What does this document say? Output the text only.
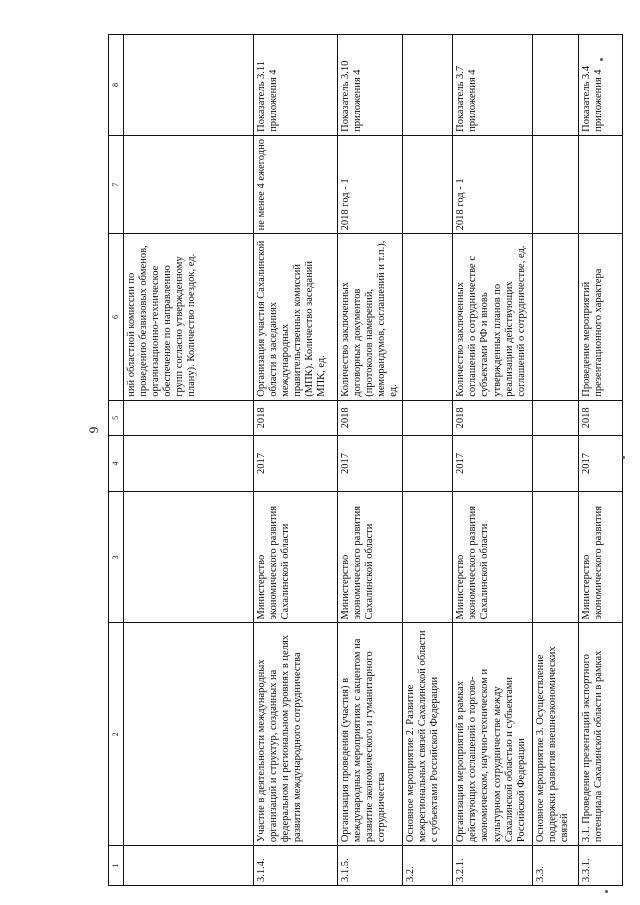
9
1	2	3	4	5	6	7	8
					ний областной комиссии по проведению безвизовых обменов, организационно-техническое обеспечение по направлению групп согласно утвержденному плану). Количество поездок, ед.		
3.1.4.	Участие в деятельности международных организаций и структур, созданных на федеральном и региональном уровнях в целях развития международного сотрудничества	Министерство экономического развития Сахалинской области	2017	2018	Организация участия Сахалинской области в заседаниях международных правительственных комиссий (МПК). Количество заседаний МПК, ед.	не менее 4 ежегодно	Показатель 3.11 приложения 4
3.1.5.	Организация проведения (участия) в международных мероприятиях с акцентом на развитие экономического и гуманитарного сотрудничества	Министерство экономического развития Сахалинской области	2017	2018	Количество заключенных договорных документов (протоколов намерений, меморандумов, соглашений и т.п.), ед.	2018 год - 1	Показатель 3.10 приложения 4
3.2.	Основное мероприятие 2. Развитие межрегиональных связей Сахалинской области с субъектами Российской Федерации						
3.2.1.	Организация мероприятий в рамках действующих соглашений о торгово-экономическом, научно-техническом и культурном сотрудничестве между Сахалинской областью и субъектами Российской Федерации	Министерство экономического развития Сахалинской области	2017	2018	Количество заключенных соглашений о сотрудничестве с субъектами РФ и вновь утвержденных планов по реализации действующих соглашений о сотрудничестве, ед.	2018 год - 1	Показатель 3.7 приложения 4
3.3.	Основное мероприятие 3. Осуществление поддержки развития внешнеэкономических связей						
3.3.1.	3.1. Проведение презентаций экспортного потенциала Сахалинской области в рамках	Министерство экономического развития	2017	2018	Проведение мероприятий презентационного характера		Показатель 3.4 приложения 4
